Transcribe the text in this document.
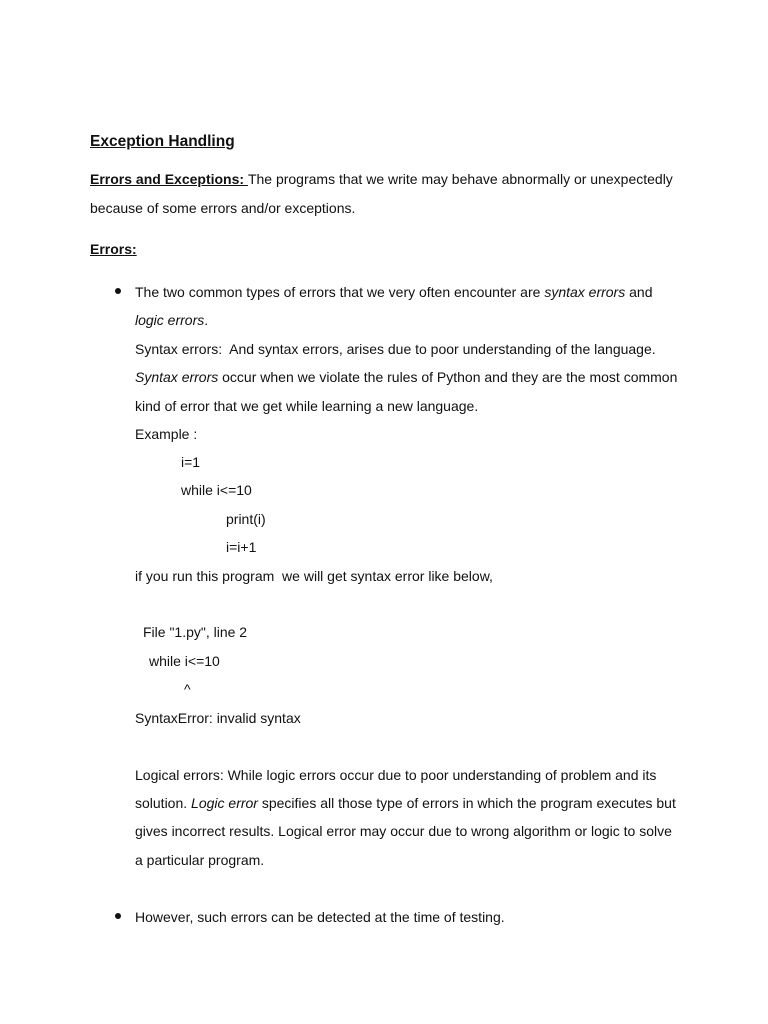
Exception Handling
Errors and Exceptions: The programs that we write may behave abnormally or unexpectedly
because of some errors and/or exceptions.
Errors:
The two common types of errors that we very often encounter are syntax errors and
logic errors.
Syntax errors:  And syntax errors, arises due to poor understanding of the language.
Syntax errors occur when we violate the rules of Python and they are the most common
kind of error that we get while learning a new language.
Example :
i=1
while i<=10
print(i)
i=i+1
if you run this program  we will get syntax error like below,
File "1.py", line 2
while i<=10
^
SyntaxError: invalid syntax
Logical errors: While logic errors occur due to poor understanding of problem and its
solution. Logic error specifies all those type of errors in which the program executes but
gives incorrect results. Logical error may occur due to wrong algorithm or logic to solve
a particular program.
However, such errors can be detected at the time of testing.
